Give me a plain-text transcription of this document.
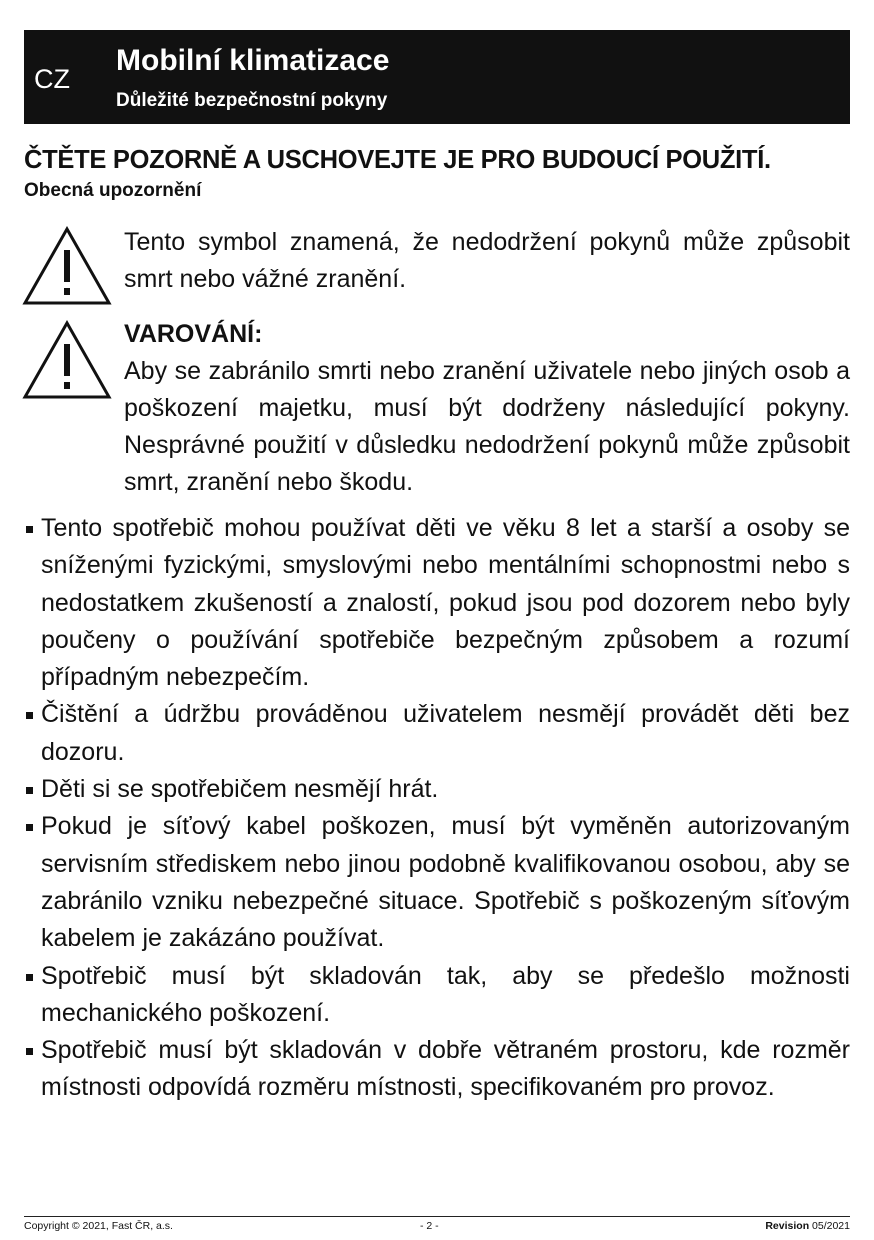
CZ
Mobilní klimatizace
Důležité bezpečnostní pokyny
ČTĚTE POZORNĚ A USCHOVEJTE JE PRO BUDOUCÍ POUŽITÍ.
Obecná upozornění
Tento symbol znamená, že nedodržení pokynů může způsobit smrt nebo vážné zranění.
VAROVÁNÍ:
Aby se zabránilo smrti nebo zranění uživatele nebo jiných osob a poškození majetku, musí být dodrženy následující pokyny. Nesprávné použití v důsledku nedodržení pokynů může způsobit smrt, zranění nebo škodu.
Tento spotřebič mohou používat děti ve věku 8 let a starší a osoby se sníženými fyzickými, smyslovými nebo mentálními schopnostmi nebo s nedostatkem zkušeností a znalostí, pokud jsou pod dozorem nebo byly poučeny o používání spotřebiče bezpečným způsobem a rozumí případným nebezpečím.
Čištění a údržbu prováděnou uživatelem nesmějí provádět děti bez dozoru.
Děti si se spotřebičem nesmějí hrát.
Pokud je síťový kabel poškozen, musí být vyměněn autorizovaným servisním střediskem nebo jinou podobně kvalifikovanou osobou, aby se zabránilo vzniku nebezpečné situace. Spotřebič s poškozeným síťovým kabelem je zakázáno používat.
Spotřebič musí být skladován tak, aby se předešlo možnosti mechanického poškození.
Spotřebič musí být skladován v dobře větraném prostoru, kde rozměr místnosti odpovídá rozměru místnosti, specifikovaném pro provoz.
Copyright © 2021, Fast ČR, a.s.	- 2 -	Revision 05/2021
